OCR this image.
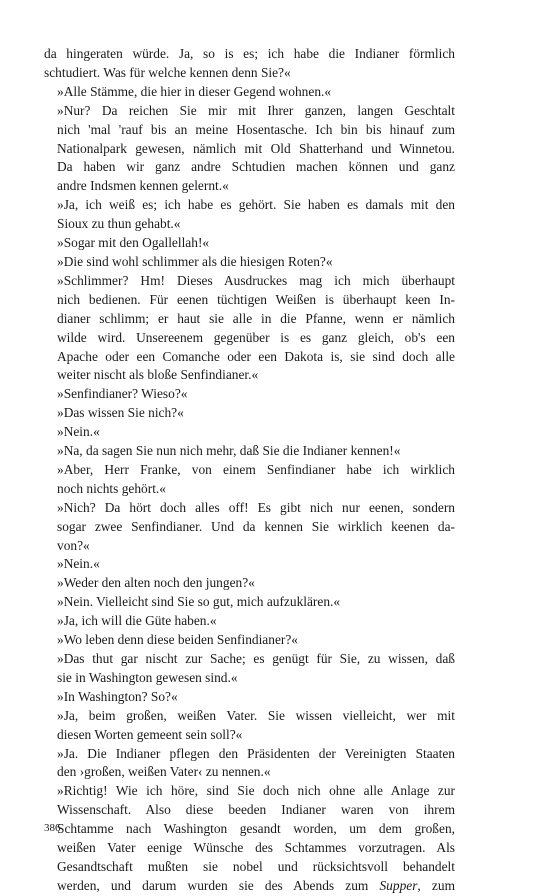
da hingeraten würde. Ja, so is es; ich habe die Indianer förmlich
schtudiert. Was für welche kennen denn Sie?«
»Alle Stämme, die hier in dieser Gegend wohnen.«
»Nur? Da reichen Sie mir mit Ihrer ganzen, langen Geschtalt
nich 'mal 'rauf bis an meine Hosentasche. Ich bin bis hinauf zum
Nationalpark gewesen, nämlich mit Old Shatterhand und Winnetou.
Da haben wir ganz andre Schtudien machen können und ganz
andre Indsmen kennen gelernt.«
»Ja, ich weiß es; ich habe es gehört. Sie haben es damals mit den
Sioux zu thun gehabt.«
»Sogar mit den Ogallellah!«
»Die sind wohl schlimmer als die hiesigen Roten?«
»Schlimmer? Hm! Dieses Ausdruckes mag ich mich überhaupt
nich bedienen. Für eenen tüchtigen Weißen is überhaupt keen In-
dianer schlimm; er haut sie alle in die Pfanne, wenn er nämlich
wilde wird. Unsereenem gegenüber is es ganz gleich, ob's een
Apache oder een Comanche oder een Dakota is, sie sind doch alle
weiter nischt als bloße Senfindianer.«
»Senfindianer? Wieso?«
»Das wissen Sie nich?«
»Nein.«
»Na, da sagen Sie nun nich mehr, daß Sie die Indianer kennen!«
»Aber, Herr Franke, von einem Senfindianer habe ich wirklich
noch nichts gehört.«
»Nich? Da hört doch alles off! Es gibt nich nur eenen, sondern
sogar zwee Senfindianer. Und da kennen Sie wirklich keenen da-
von?«
»Nein.«
»Weder den alten noch den jungen?«
»Nein. Vielleicht sind Sie so gut, mich aufzuklären.«
»Ja, ich will die Güte haben.«
»Wo leben denn diese beiden Senfindianer?«
»Das thut gar nischt zur Sache; es genügt für Sie, zu wissen, daß
sie in Washington gewesen sind.«
»In Washington? So?«
»Ja, beim großen, weißen Vater. Sie wissen vielleicht, wer mit
diesen Worten gemeent sein soll?«
»Ja. Die Indianer pflegen den Präsidenten der Vereinigten Staaten
den ›großen, weißen Vater‹ zu nennen.«
»Richtig! Wie ich höre, sind Sie doch nich ohne alle Anlage zur
Wissenschaft. Also diese beeden Indianer waren von ihrem
Schtamme nach Washington gesandt worden, um dem großen,
weißen Vater eenige Wünsche des Schtammes vorzutragen. Als
Gesandtschaft mußten sie nobel und rücksichtsvoll behandelt
werden, und darum wurden sie des Abends zum Supper, zum
386
